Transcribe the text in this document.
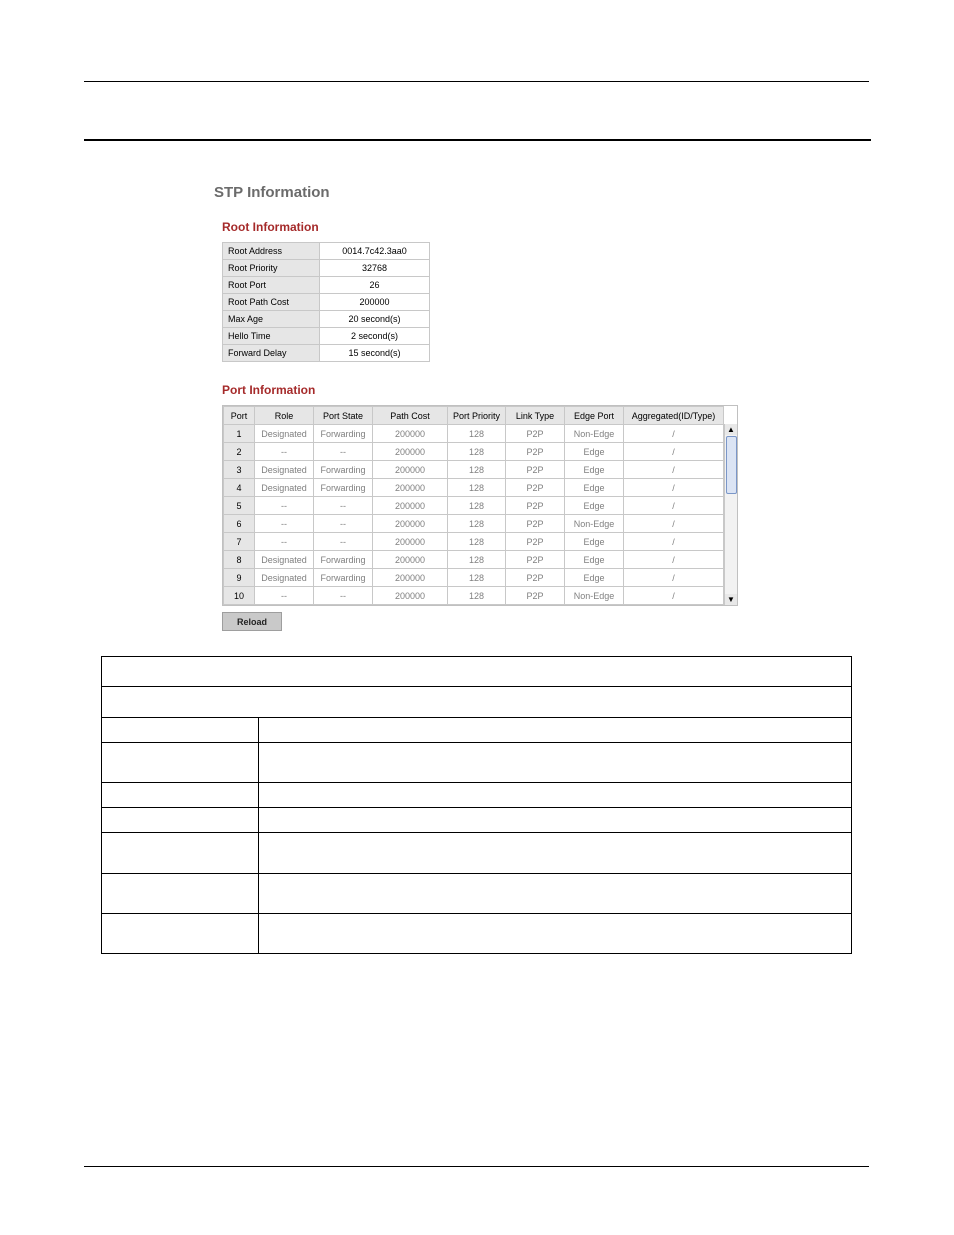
STP Information
Root Information
Root Address	0014.7c42.3aa0
Root Priority	32768
Root Port	26
Root Path Cost	200000
Max Age	20 second(s)
Hello Time	2 second(s)
Forward Delay	15 second(s)
Port Information
Port	Role	Port State	Path Cost	Port Priority	Link Type	Edge Port	Aggregated(ID/Type)
1	Designated	Forwarding	200000	128	P2P	Non-Edge	/
2	--	--	200000	128	P2P	Edge	/
3	Designated	Forwarding	200000	128	P2P	Edge	/
4	Designated	Forwarding	200000	128	P2P	Edge	/
5	--	--	200000	128	P2P	Edge	/
6	--	--	200000	128	P2P	Non-Edge	/
7	--	--	200000	128	P2P	Edge	/
8	Designated	Forwarding	200000	128	P2P	Edge	/
9	Designated	Forwarding	200000	128	P2P	Edge	/
10	--	--	200000	128	P2P	Non-Edge	/
▲
▼
Reload
